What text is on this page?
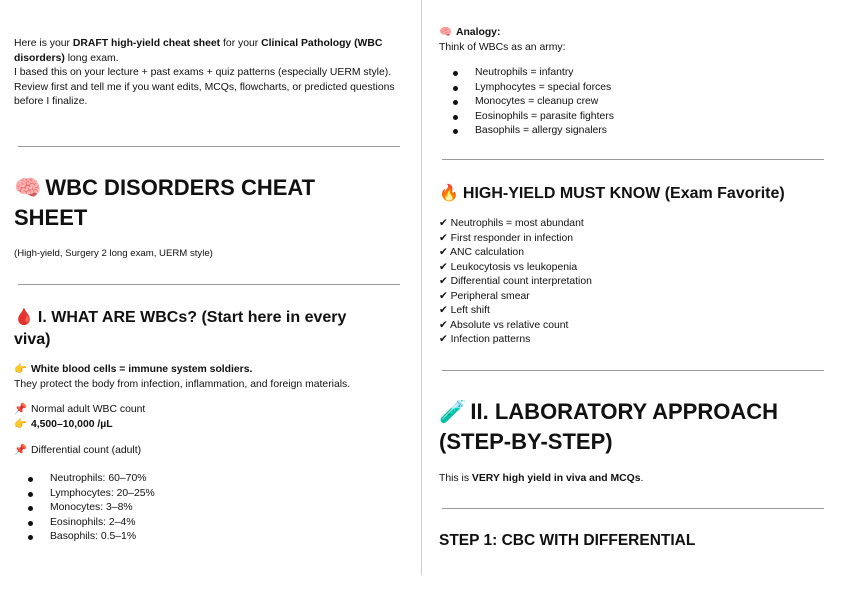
Here is your DRAFT high-yield cheat sheet for your Clinical Pathology (WBC disorders) long exam.
I based this on your lecture + past exams + quiz patterns (especially UERM style).
Review first and tell me if you want edits, MCQs, flowcharts, or predicted questions before I finalize.
🧠 WBC DISORDERS CHEAT SHEET
(High-yield, Surgery 2 long exam, UERM style)
🩸 I. WHAT ARE WBCs? (Start here in every viva)
👉 White blood cells = immune system soldiers.
They protect the body from infection, inflammation, and foreign materials.
📌 Normal adult WBC count
👉 4,500–10,000 /µL
📌 Differential count (adult)
Neutrophils: 60–70%
Lymphocytes: 20–25%
Monocytes: 3–8%
Eosinophils: 2–4%
Basophils: 0.5–1%
🧠 Analogy:
Think of WBCs as an army:
Neutrophils = infantry
Lymphocytes = special forces
Monocytes = cleanup crew
Eosinophils = parasite fighters
Basophils = allergy signalers
🔥 HIGH-YIELD MUST KNOW (Exam Favorite)
✔ Neutrophils = most abundant
✔ First responder in infection
✔ ANC calculation
✔ Leukocytosis vs leukopenia
✔ Differential count interpretation
✔ Peripheral smear
✔ Left shift
✔ Absolute vs relative count
✔ Infection patterns
🧪 II. LABORATORY APPROACH (STEP-BY-STEP)
This is VERY high yield in viva and MCQs.
STEP 1: CBC WITH DIFFERENTIAL
